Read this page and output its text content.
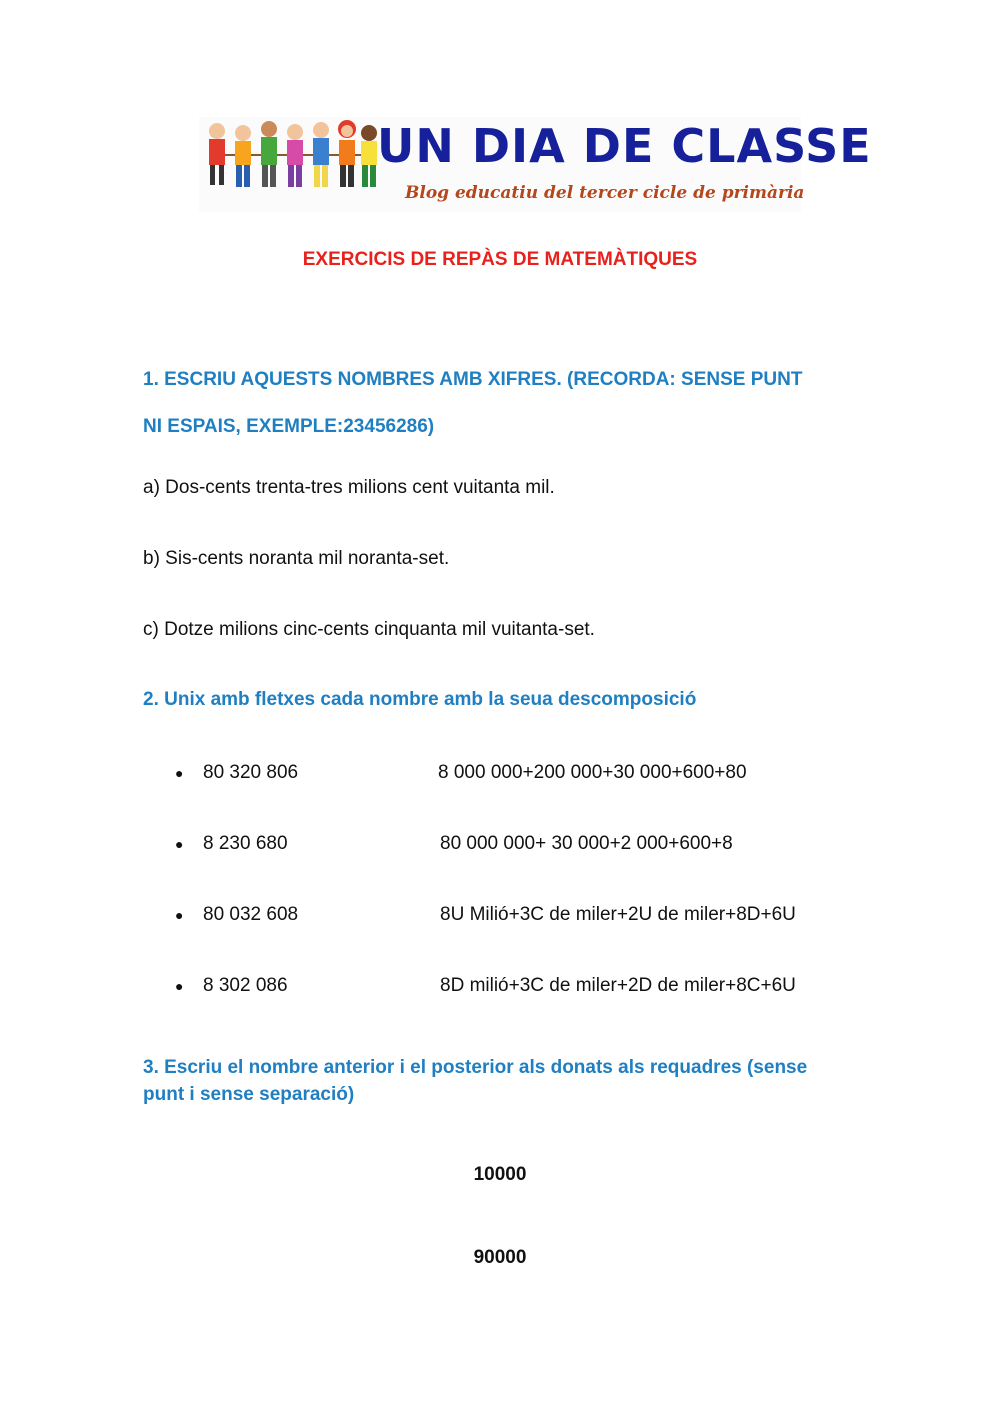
UN DIA DE CLASSE
Blog educatiu del tercer cicle de primària
EXERCICIS DE REPÀS DE MATEMÀTIQUES
1. ESCRIU AQUESTS NOMBRES AMB XIFRES. (RECORDA: SENSE PUNT
NI ESPAIS, EXEMPLE:23456286)
a) Dos-cents trenta-tres milions cent vuitanta mil.
b) Sis-cents noranta mil noranta-set.
c) Dotze milions cinc-cents cinquanta mil vuitanta-set.
2. Unix amb fletxes cada nombre amb la seua descomposició
● 80 320 806	8 000 000+200 000+30 000+600+80
● 8 230 680	80 000 000+ 30 000+2 000+600+8
● 80 032 608	8U Milió+3C de miler+2U de miler+8D+6U
● 8 302 086	8D milió+3C de miler+2D de miler+8C+6U
3. Escriu el nombre anterior i el posterior als donats als requadres (sense
punt i sense separació)
10000
90000
